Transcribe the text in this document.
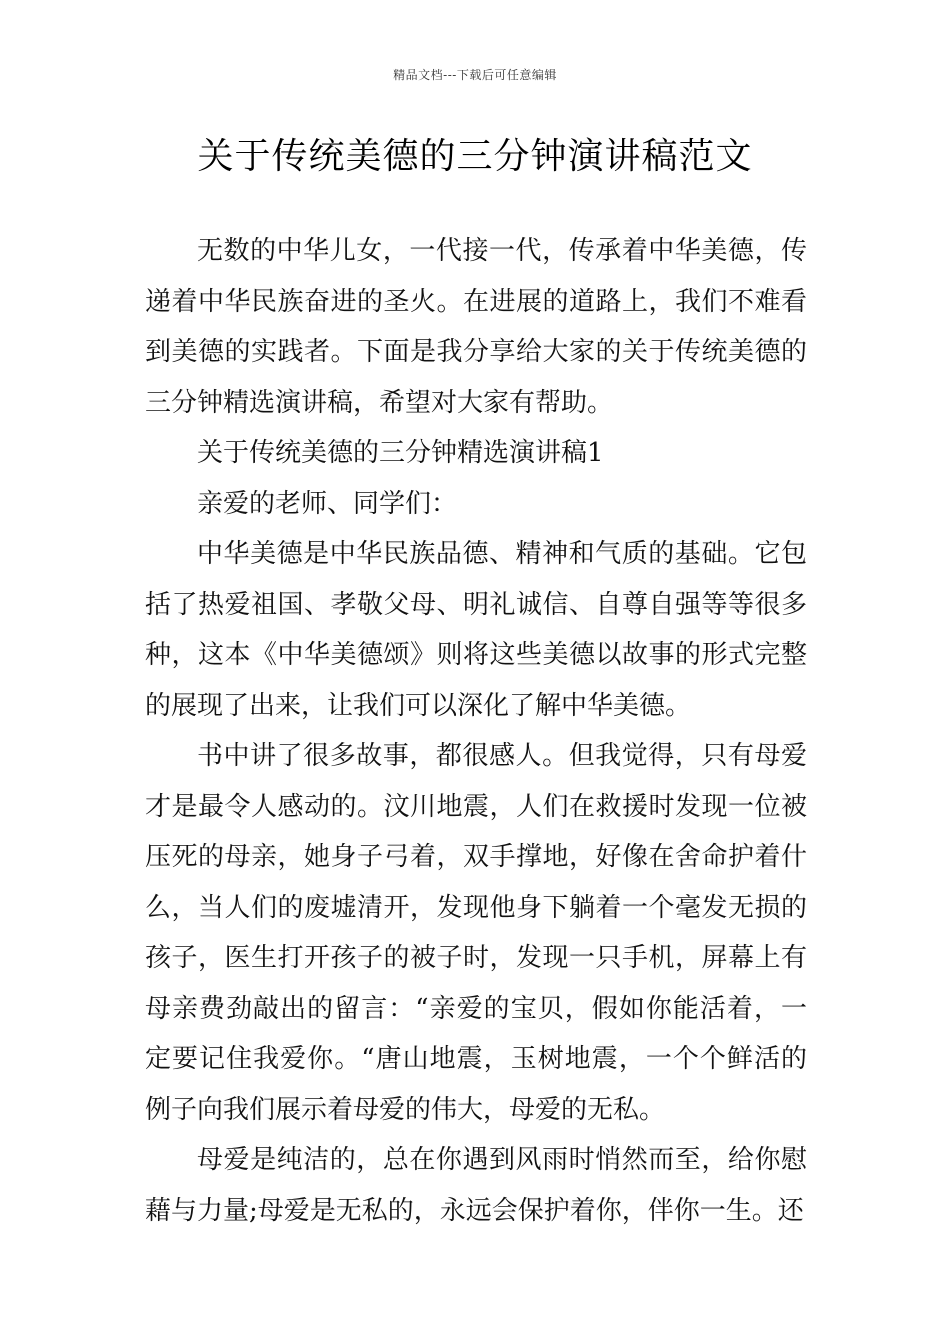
精品文档---下载后可任意编辑
关于传统美德的三分钟演讲稿范文

无数的中华儿女，一代接一代，传承着中华美德，传递着中华民族奋进的圣火。在进展的道路上，我们不难看到美德的实践者。下面是我分享给大家的关于传统美德的三分钟精选演讲稿，希望对大家有帮助。

关于传统美德的三分钟精选演讲稿1

亲爱的老师、同学们：

中华美德是中华民族品德、精神和气质的基础。它包括了热爱祖国、孝敬父母、明礼诚信、自尊自强等等很多种，这本《中华美德颂》则将这些美德以故事的形式完整的展现了出来，让我们可以深化了解中华美德。

书中讲了很多故事，都很感人。但我觉得，只有母爱才是最令人感动的。汶川地震，人们在救援时发现一位被压死的母亲，她身子弓着，双手撑地，好像在舍命护着什么，当人们的废墟清开，发现他身下躺着一个毫发无损的孩子，医生打开孩子的被子时，发现一只手机，屏幕上有母亲费劲敲出的留言：“亲爱的宝贝，假如你能活着，一定要记住我爱你。“唐山地震，玉树地震，一个个鲜活的例子向我们展示着母爱的伟大，母爱的无私。

母爱是纯洁的，总在你遇到风雨时悄然而至，给你慰藉与力量;母爱是无私的，永远会保护着你，伴你一生。还
